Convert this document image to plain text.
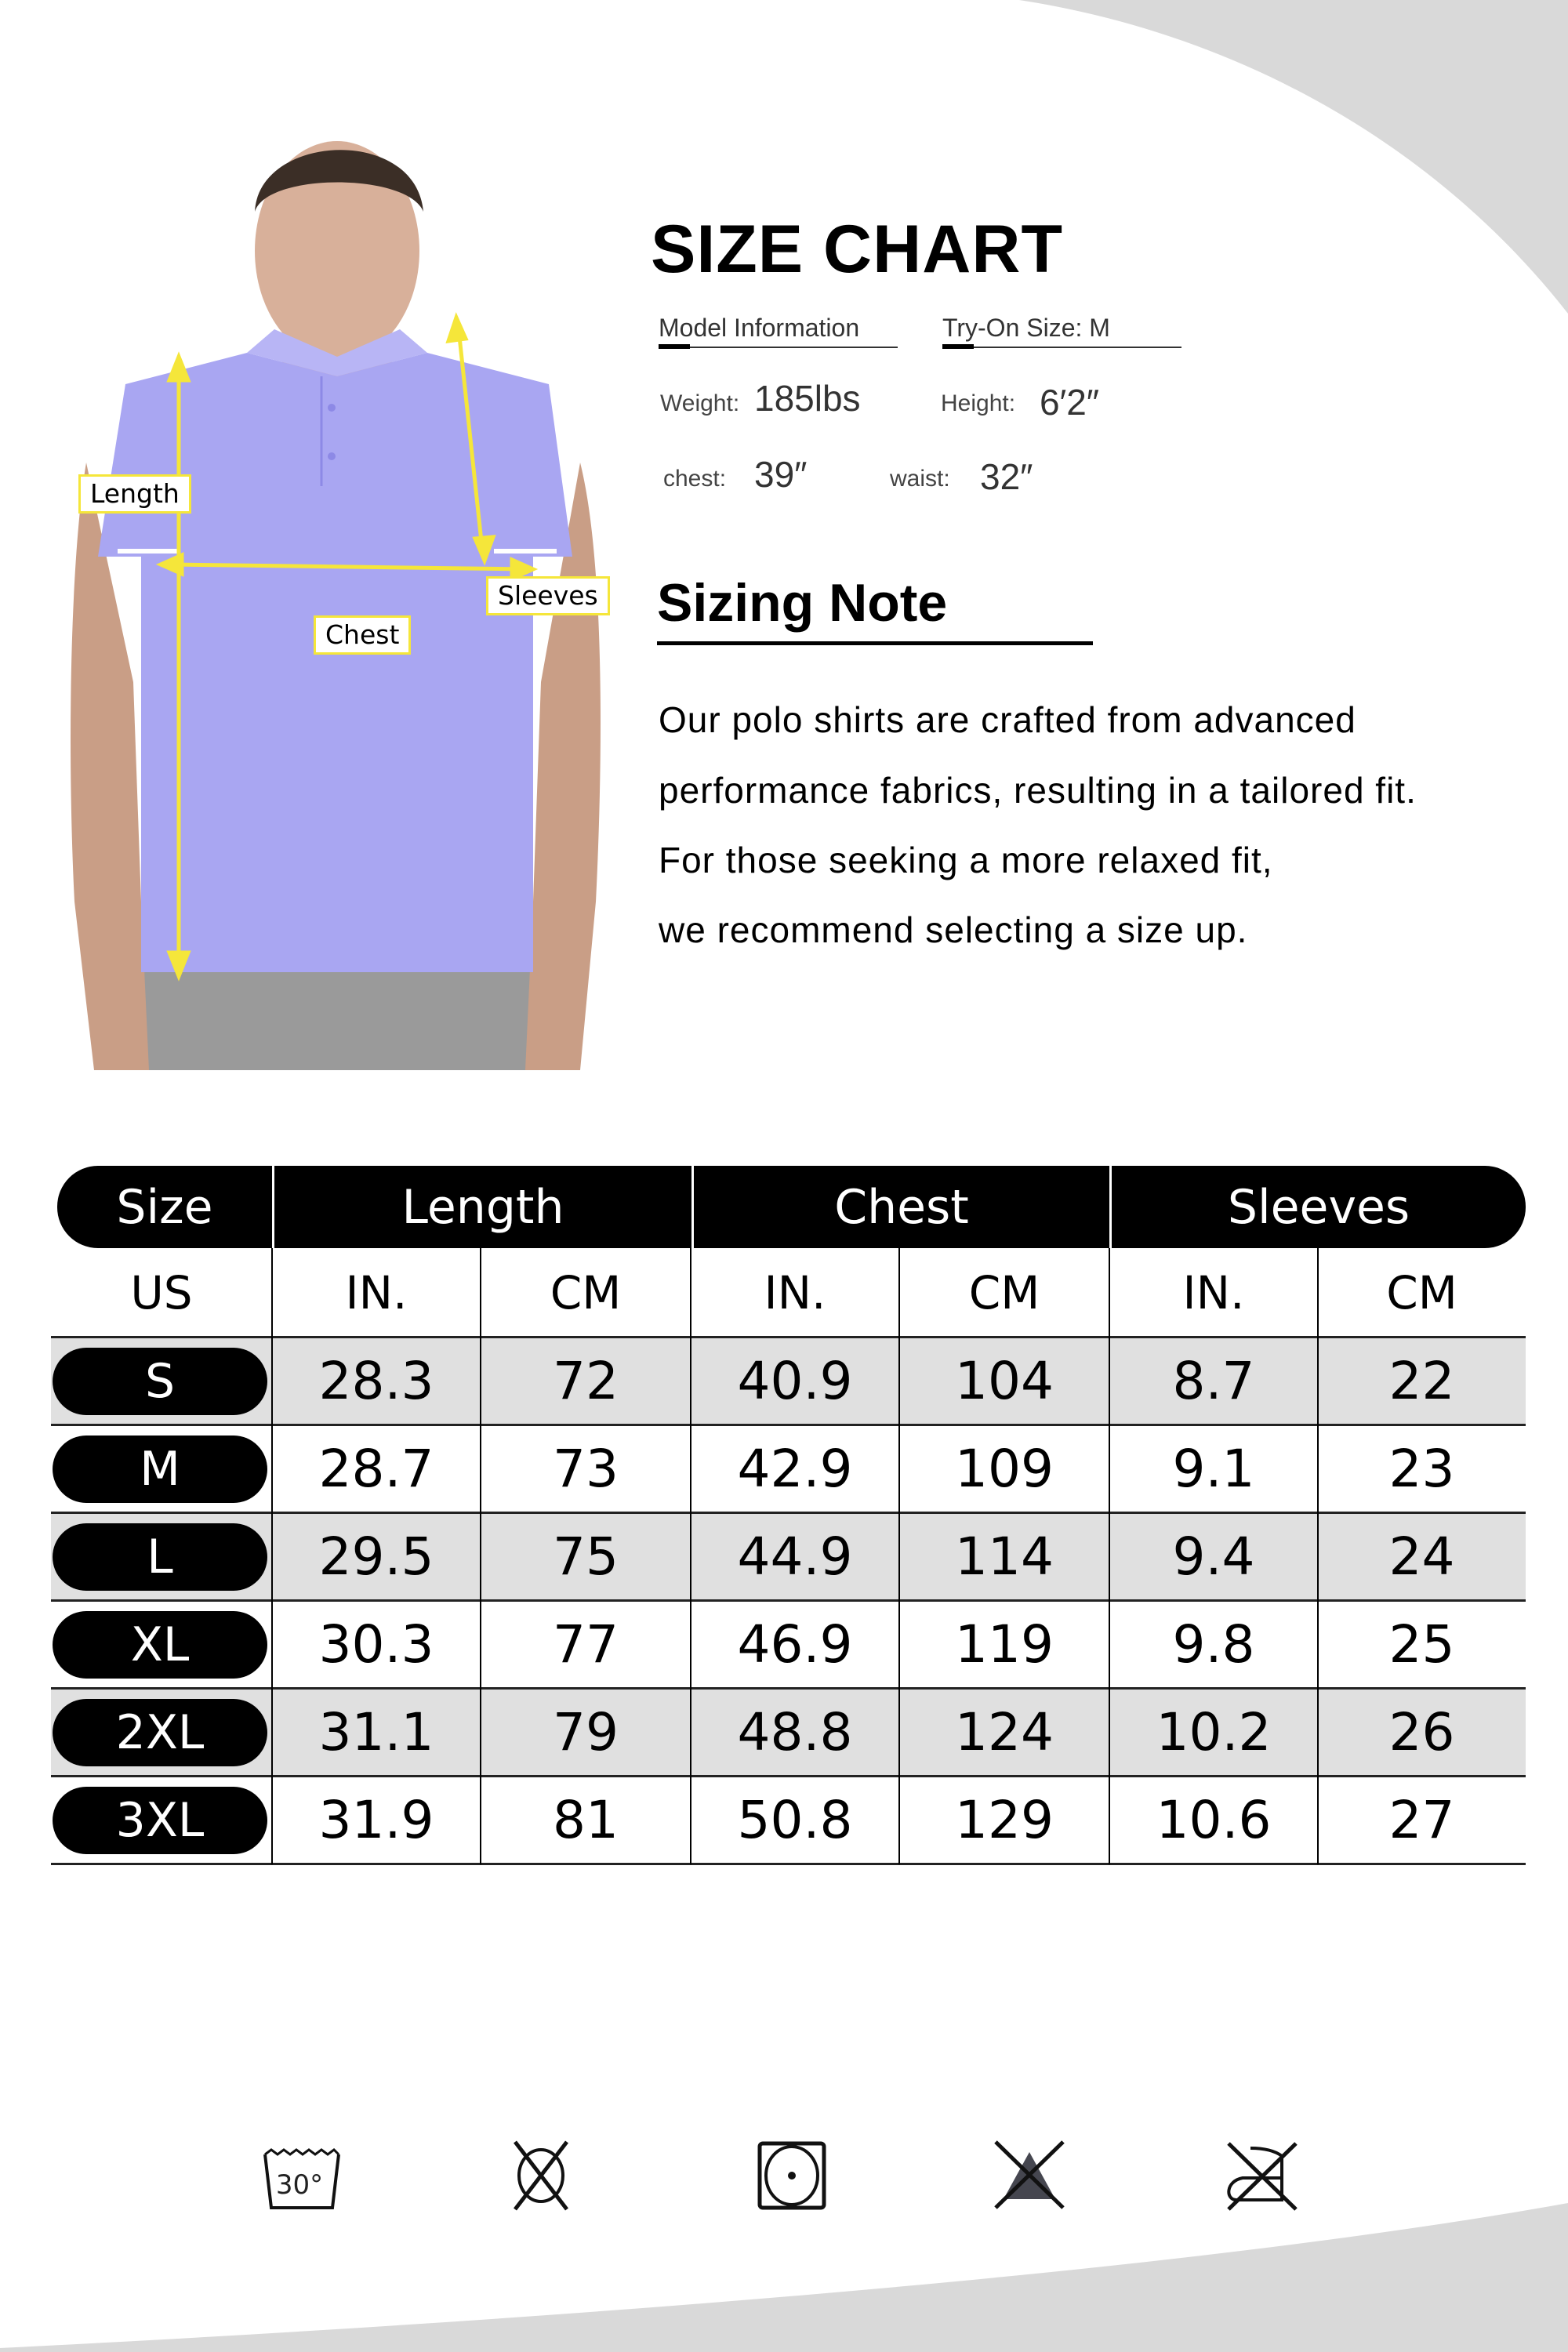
Length
Chest
Sleeves
SIZE CHART
Model Information	Try-On Size: M
Weight: 185lbs	Height: 6′2″
chest: 39″	waist: 32″
Sizing Note
Our polo shirts are crafted from advanced
performance fabrics, resulting in a tailored fit.
For those seeking a more relaxed fit,
we recommend selecting a size up.
Size	Length	Chest	Sleeves
US	IN.	CM	IN.	CM	IN.	CM
S	28.3	72	40.9	104	8.7	22
M	28.7	73	42.9	109	9.1	23
L	29.5	75	44.9	114	9.4	24
XL	30.3	77	46.9	119	9.8	25
2XL	31.1	79	48.8	124	10.2	26
3XL	31.9	81	50.8	129	10.6	27
30°
